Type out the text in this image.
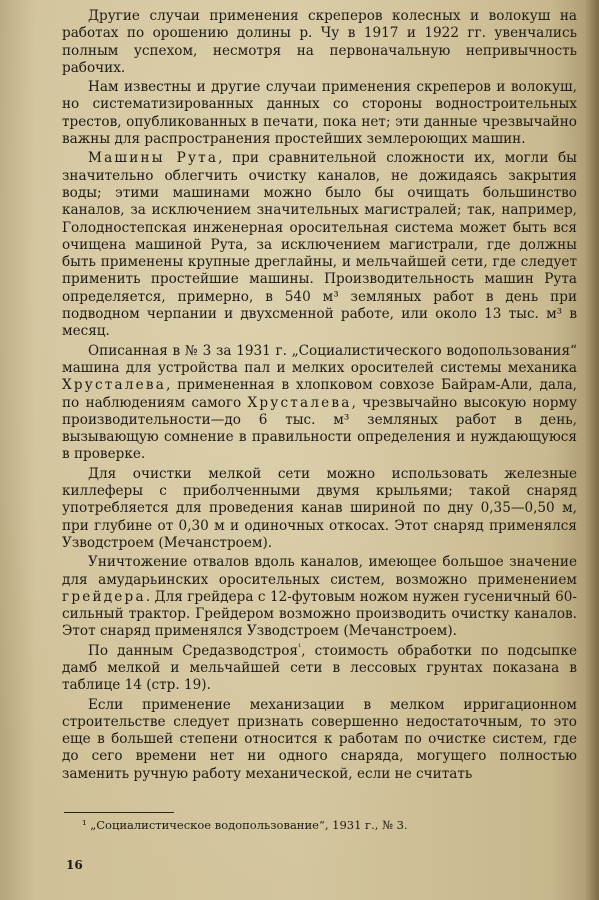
Другие случаи применения скреперов колесных и волокуш на работах по орошению долины р. Чу в 1917 и 1922 гг. увенчались полным успехом, несмотря на первоначальную непривычность рабочих.

Нам известны и другие случаи применения скреперов и волокуш, но систематизированных данных со стороны водностроительных трестов, опубликованных в печати, пока нет; эти данные чрезвычайно важны для распространения простейших землероющих машин.

Машины Рута, при сравнительной сложности их, могли бы значительно облегчить очистку каналов, не дожидаясь закрытия воды; этими машинами можно было бы очищать большинство каналов, за исключением значительных магистралей; так, например, Голодностепская инженерная оросительная система может быть вся очищена машиной Рута, за исключением магистрали, где должны быть применены крупные дреглайны, и мельчайшей сети, где следует применить простейшие машины. Производительность машин Рута определяется, примерно, в 540 м³ земляных работ в день при подводном черпании и двухсменной работе, или около 13 тыс. м³ в месяц.

Описанная в № 3 за 1931 г. „Социалистического водопользования“ машина для устройства пал и мелких оросителей системы механика Хрусталева, примененная в хлопковом совхозе Байрам-Али, дала, по наблюдениям самого Хрусталева, чрезвычайно высокую норму производительности—до 6 тыс. м³ земляных работ в день, вызывающую сомнение в правильности определения и нуждающуюся в проверке.

Для очистки мелкой сети можно использовать железные киллеферы с приболченными двумя крыльями; такой снаряд употребляется для проведения канав шириной по дну 0,35—0,50 м, при глубине от 0,30 м и одиночных откосах. Этот снаряд применялся Узводстроем (Мечанстроем).

Уничтожение отвалов вдоль каналов, имеющее большое значение для амударьинских оросительных систем, возможно применением грейдера. Для грейдера с 12-футовым ножом нужен гусеничный 60-сильный трактор. Грейдером возможно производить очистку каналов. Этот снаряд применялся Узводстроем (Мечанстроем).

По данным Средазводстроя$^{^1}$, стоимость обработки по подсыпке дамб мелкой и мельчайшей сети в лессовых грунтах показана в таблице 14 (стр. 19).

Если применение механизации в мелком ирригационном строительстве следует признать совершенно недостаточным, то это еще в большей степени относится к работам по очистке систем, где до сего времени нет ни одного снаряда, могущего полностью заменить ручную работу механической, если не считать

¹ „Социалистическое водопользование“, 1931 г., № 3.
16
